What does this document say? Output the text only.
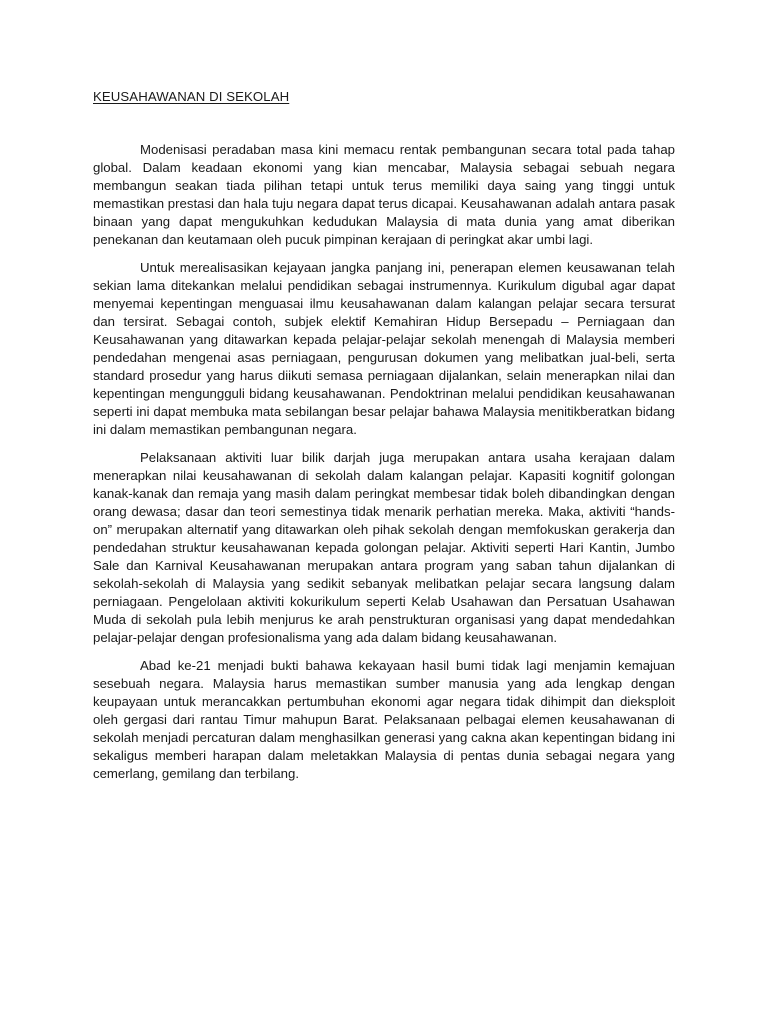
KEUSAHAWANAN DI SEKOLAH

Modenisasi peradaban masa kini memacu rentak pembangunan secara total pada tahap global. Dalam keadaan ekonomi yang kian mencabar, Malaysia sebagai sebuah negara membangun seakan tiada pilihan tetapi untuk terus memiliki daya saing yang tinggi untuk memastikan prestasi dan hala tuju negara dapat terus dicapai. Keusahawanan adalah antara pasak binaan yang dapat mengukuhkan kedudukan Malaysia di mata dunia yang amat diberikan penekanan dan keutamaan oleh pucuk pimpinan kerajaan di peringkat akar umbi lagi.

Untuk merealisasikan kejayaan jangka panjang ini, penerapan elemen keusawanan telah sekian lama ditekankan melalui pendidikan sebagai instrumennya. Kurikulum digubal agar dapat menyemai kepentingan menguasai ilmu keusahawanan dalam kalangan pelajar secara tersurat dan tersirat. Sebagai contoh, subjek elektif Kemahiran Hidup Bersepadu – Perniagaan dan Keusahawanan yang ditawarkan kepada pelajar-pelajar sekolah menengah di Malaysia memberi pendedahan mengenai asas perniagaan, pengurusan dokumen yang melibatkan jual-beli, serta standard prosedur yang harus diikuti semasa perniagaan dijalankan, selain menerapkan nilai dan kepentingan mengungguli bidang keusahawanan. Pendoktrinan melalui pendidikan keusahawanan seperti ini dapat membuka mata sebilangan besar pelajar bahawa Malaysia menitikberatkan bidang ini dalam memastikan pembangunan negara.

Pelaksanaan aktiviti luar bilik darjah juga merupakan antara usaha kerajaan dalam menerapkan nilai keusahawanan di sekolah dalam kalangan pelajar. Kapasiti kognitif golongan kanak-kanak dan remaja yang masih dalam peringkat membesar tidak boleh dibandingkan dengan orang dewasa; dasar dan teori semestinya tidak menarik perhatian mereka. Maka, aktiviti “hands-on” merupakan alternatif yang ditawarkan oleh pihak sekolah dengan memfokuskan gerakerja dan pendedahan struktur keusahawanan kepada golongan pelajar. Aktiviti seperti Hari Kantin, Jumbo Sale dan Karnival Keusahawanan merupakan antara program yang saban tahun dijalankan di sekolah-sekolah di Malaysia yang sedikit sebanyak melibatkan pelajar secara langsung dalam perniagaan. Pengelolaan aktiviti kokurikulum seperti Kelab Usahawan dan Persatuan Usahawan Muda di sekolah pula lebih menjurus ke arah penstrukturan organisasi yang dapat mendedahkan pelajar-pelajar dengan profesionalisma yang ada dalam bidang keusahawanan.

Abad ke-21 menjadi bukti bahawa kekayaan hasil bumi tidak lagi menjamin kemajuan sesebuah negara. Malaysia harus memastikan sumber manusia yang ada lengkap dengan keupayaan untuk merancakkan pertumbuhan ekonomi agar negara tidak dihimpit dan dieksploit oleh gergasi dari rantau Timur mahupun Barat. Pelaksanaan pelbagai elemen keusahawanan di sekolah menjadi percaturan dalam menghasilkan generasi yang cakna akan kepentingan bidang ini sekaligus memberi harapan dalam meletakkan Malaysia di pentas dunia sebagai negara yang cemerlang, gemilang dan terbilang.
